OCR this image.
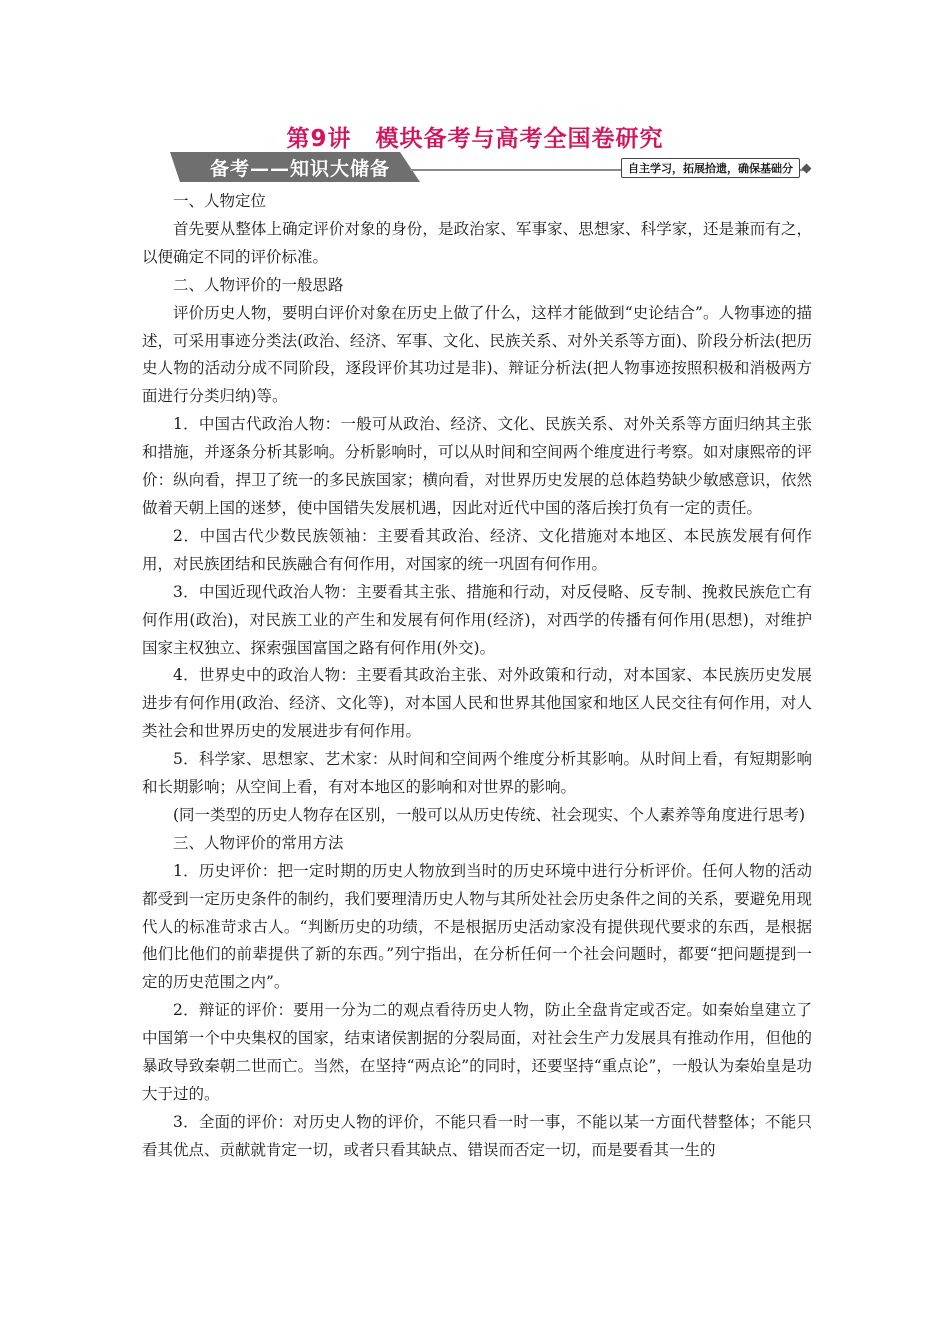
第9讲　模块备考与高考全国卷研究
备考——知识大储备	自主学习，拓展拾遗，确保基础分

一、人物定位

首先要从整体上确定评价对象的身份，是政治家、军事家、思想家、科学家，还是兼而有之，以便确定不同的评价标准。

二、人物评价的一般思路

评价历史人物，要明白评价对象在历史上做了什么，这样才能做到“史论结合”。人物事迹的描述，可采用事迹分类法(政治、经济、军事、文化、民族关系、对外关系等方面)、阶段分析法(把历史人物的活动分成不同阶段，逐段评价其功过是非)、辩证分析法(把人物事迹按照积极和消极两方面进行分类归纳)等。

1．中国古代政治人物：一般可从政治、经济、文化、民族关系、对外关系等方面归纳其主张和措施，并逐条分析其影响。分析影响时，可以从时间和空间两个维度进行考察。如对康熙帝的评价：纵向看，捍卫了统一的多民族国家；横向看，对世界历史发展的总体趋势缺少敏感意识，依然做着天朝上国的迷梦，使中国错失发展机遇，因此对近代中国的落后挨打负有一定的责任。

2．中国古代少数民族领袖：主要看其政治、经济、文化措施对本地区、本民族发展有何作用，对民族团结和民族融合有何作用，对国家的统一巩固有何作用。

3．中国近现代政治人物：主要看其主张、措施和行动，对反侵略、反专制、挽救民族危亡有何作用(政治)，对民族工业的产生和发展有何作用(经济)，对西学的传播有何作用(思想)，对维护国家主权独立、探索强国富国之路有何作用(外交)。

4．世界史中的政治人物：主要看其政治主张、对外政策和行动，对本国家、本民族历史发展进步有何作用(政治、经济、文化等)，对本国人民和世界其他国家和地区人民交往有何作用，对人类社会和世界历史的发展进步有何作用。

5．科学家、思想家、艺术家：从时间和空间两个维度分析其影响。从时间上看，有短期影响和长期影响；从空间上看，有对本地区的影响和对世界的影响。

(同一类型的历史人物存在区别，一般可以从历史传统、社会现实、个人素养等角度进行思考)

三、人物评价的常用方法

1．历史评价：把一定时期的历史人物放到当时的历史环境中进行分析评价。任何人物的活动都受到一定历史条件的制约，我们要理清历史人物与其所处社会历史条件之间的关系，要避免用现代人的标准苛求古人。“判断历史的功绩，不是根据历史活动家没有提供现代要求的东西，是根据他们比他们的前辈提供了新的东西。”列宁指出，在分析任何一个社会问题时，都要“把问题提到一定的历史范围之内”。

2．辩证的评价：要用一分为二的观点看待历史人物，防止全盘肯定或否定。如秦始皇建立了中国第一个中央集权的国家，结束诸侯割据的分裂局面，对社会生产力发展具有推动作用，但他的暴政导致秦朝二世而亡。当然，在坚持“两点论”的同时，还要坚持“重点论”，一般认为秦始皇是功大于过的。

3．全面的评价：对历史人物的评价，不能只看一时一事，不能以某一方面代替整体；不能只看其优点、贡献就肯定一切，或者只看其缺点、错误而否定一切，而是要看其一生的
